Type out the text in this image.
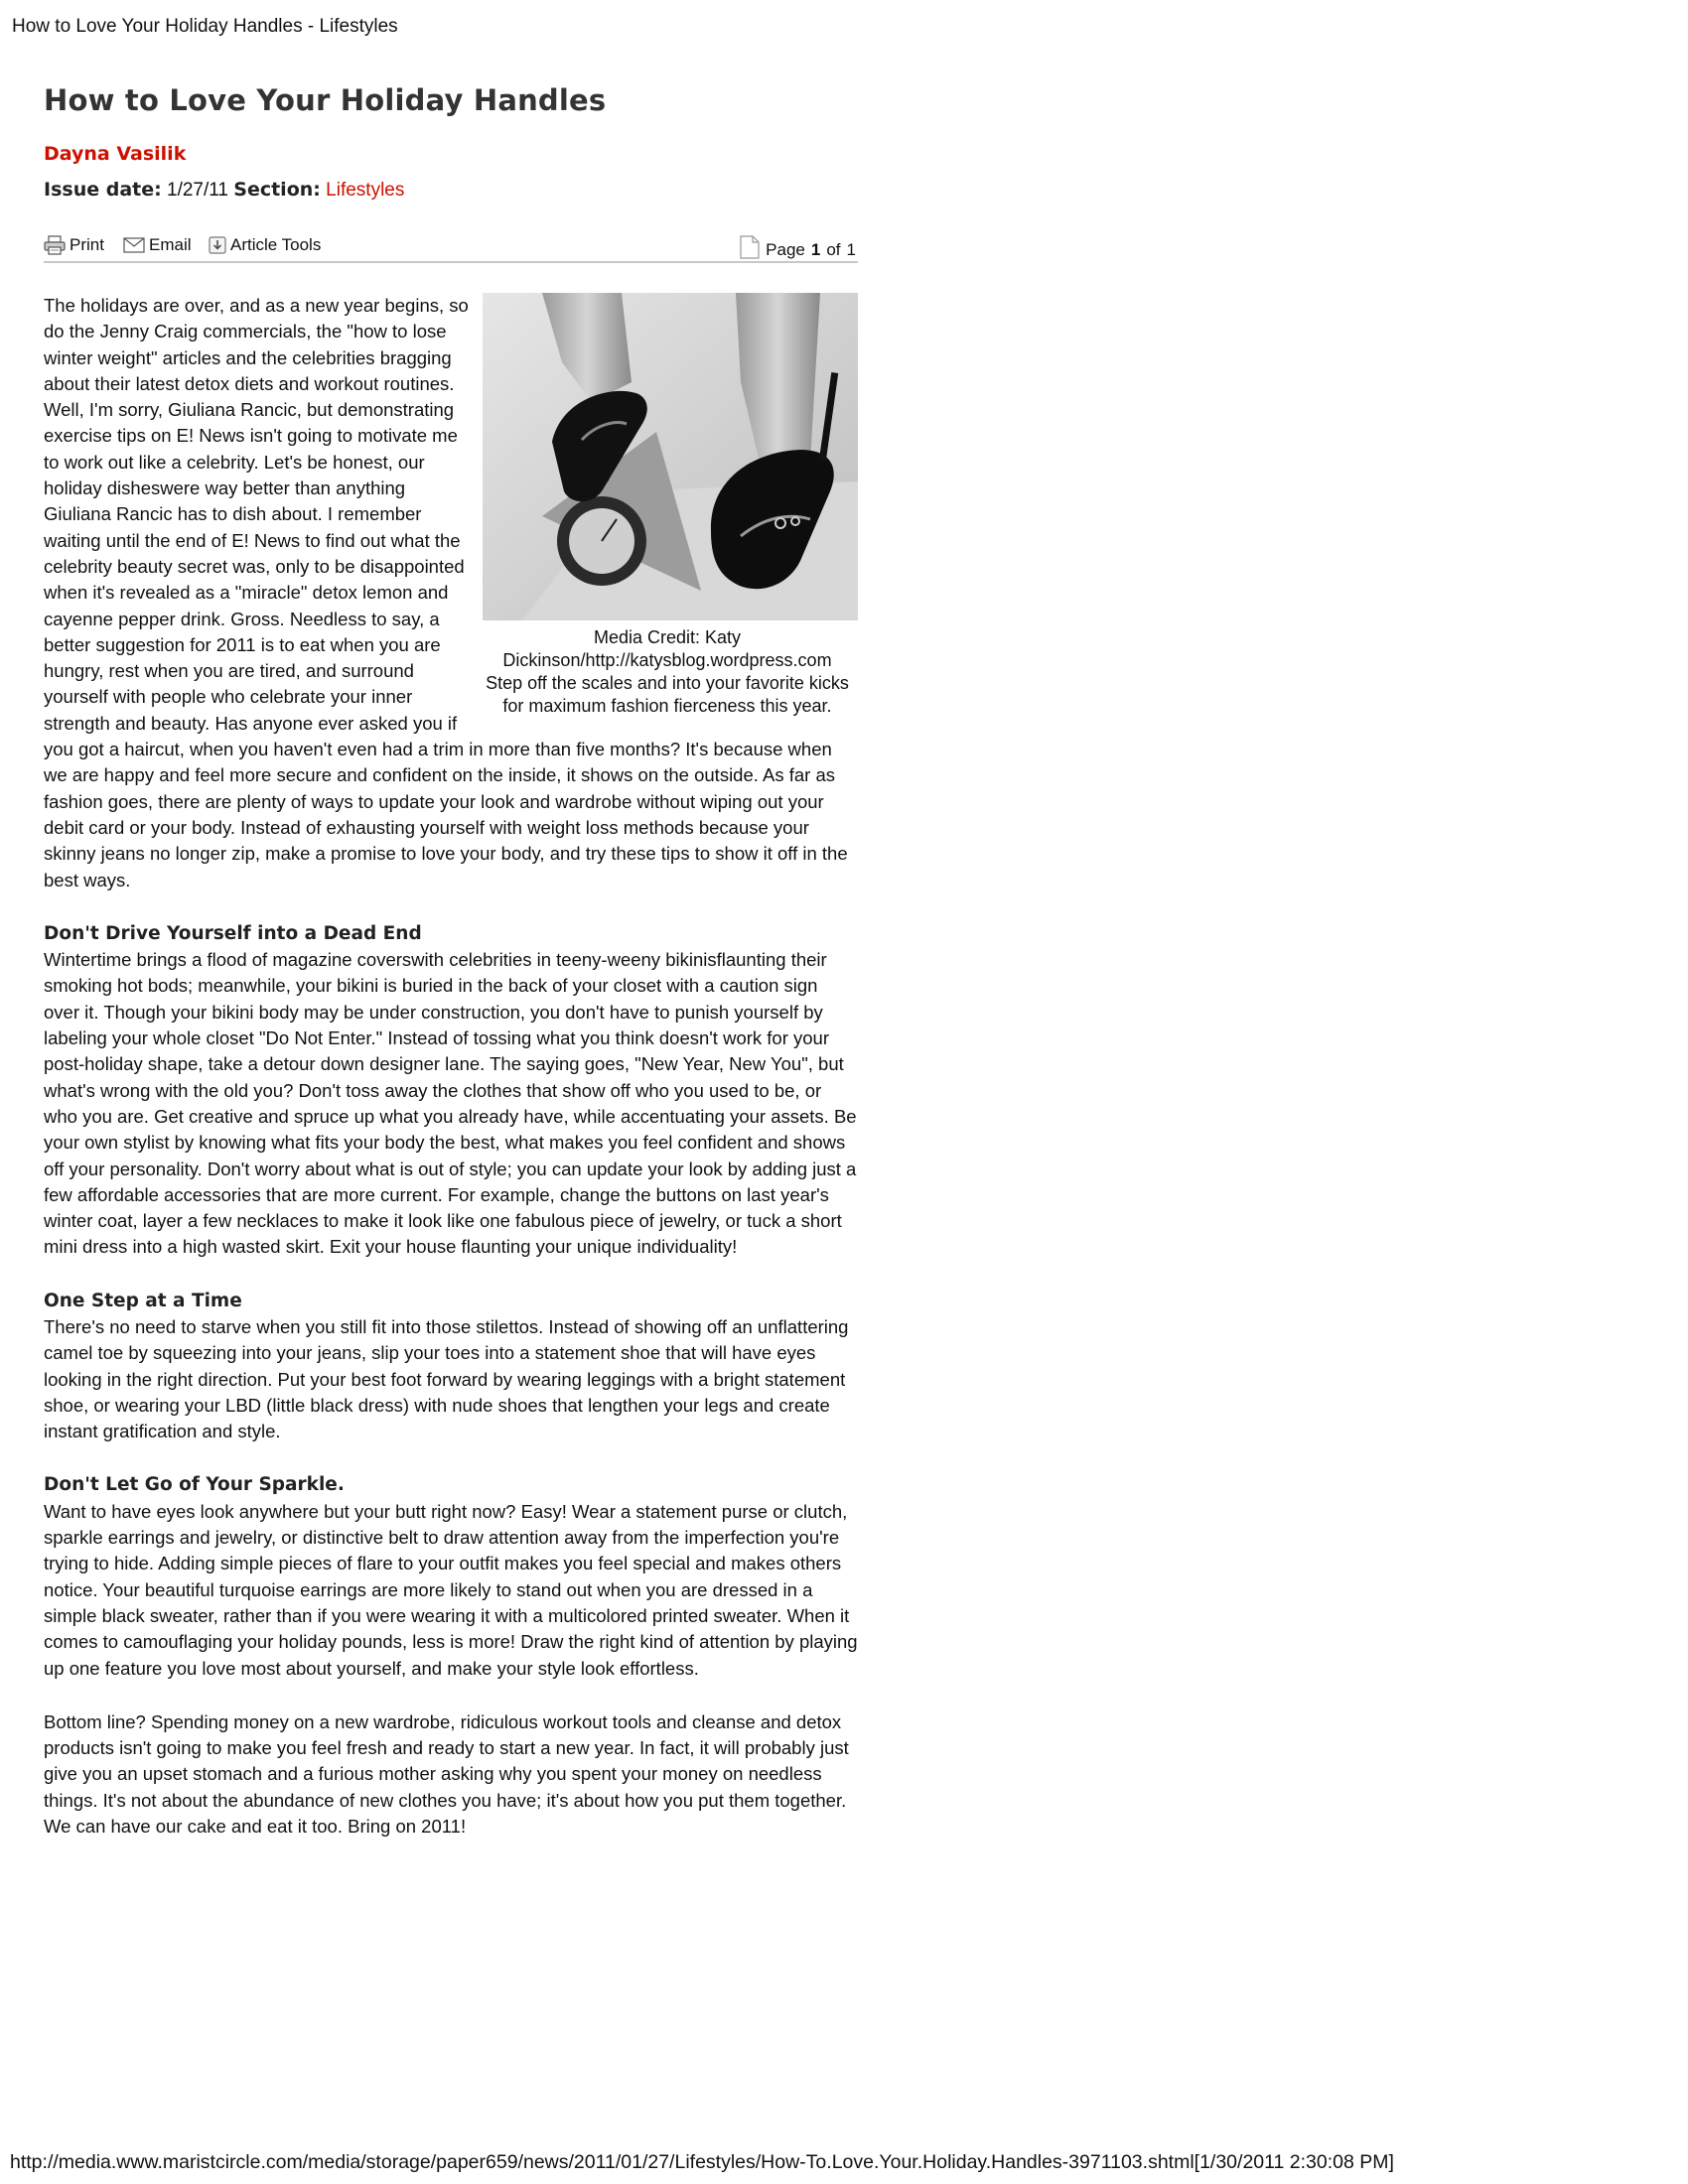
How to Love Your Holiday Handles - Lifestyles
How to Love Your Holiday Handles
Dayna Vasilik
Issue date: 1/27/11 Section: Lifestyles
Print	Email Article Tools	Page 1 of 1
Media Credit: Katy Dickinson/http://katysblog.wordpress.com
Step off the scales and into your favorite kicks for maximum fashion fierceness this year.

The holidays are over, and as a new year begins, so do the Jenny Craig commercials, the "how to lose winter weight" articles and the celebrities bragging about their latest detox diets and workout routines. Well, I'm sorry, Giuliana Rancic, but demonstrating exercise tips on E! News isn't going to motivate me to work out like a celebrity. Let's be honest, our holiday disheswere way better than anything Giuliana Rancic has to dish about. I remember waiting until the end of E! News to find out what the celebrity beauty secret was, only to be disappointed when it's revealed as a "miracle" detox lemon and cayenne pepper drink. Gross. Needless to say, a better suggestion for 2011 is to eat when you are hungry, rest when you are tired, and surround yourself with people who celebrate your inner strength and beauty. Has anyone ever asked you if you got a haircut, when you haven't even had a trim in more than five months? It's because when we are happy and feel more secure and confident on the inside, it shows on the outside. As far as fashion goes, there are plenty of ways to update your look and wardrobe without wiping out your debit card or your body. Instead of exhausting yourself with weight loss methods because your skinny jeans no longer zip, make a promise to love your body, and try these tips to show it off in the best ways.

Don't Drive Yourself into a Dead End

Wintertime brings a flood of magazine coverswith celebrities in teeny-weeny bikinisflaunting their smoking hot bods; meanwhile, your bikini is buried in the back of your closet with a caution sign over it. Though your bikini body may be under construction, you don't have to punish yourself by labeling your whole closet "Do Not Enter." Instead of tossing what you think doesn't work for your post-holiday shape, take a detour down designer lane. The saying goes, "New Year, New You", but what's wrong with the old you? Don't toss away the clothes that show off who you used to be, or who you are. Get creative and spruce up what you already have, while accentuating your assets. Be your own stylist by knowing what fits your body the best, what makes you feel confident and shows off your personality. Don't worry about what is out of style; you can update your look by adding just a few affordable accessories that are more current. For example, change the buttons on last year's winter coat, layer a few necklaces to make it look like one fabulous piece of jewelry, or tuck a short mini dress into a high wasted skirt. Exit your house flaunting your unique individuality!

One Step at a Time

There's no need to starve when you still fit into those stilettos. Instead of showing off an unflattering camel toe by squeezing into your jeans, slip your toes into a statement shoe that will have eyes looking in the right direction. Put your best foot forward by wearing leggings with a bright statement shoe, or wearing your LBD (little black dress) with nude shoes that lengthen your legs and create instant gratification and style.

Don't Let Go of Your Sparkle.

Want to have eyes look anywhere but your butt right now? Easy! Wear a statement purse or clutch, sparkle earrings and jewelry, or distinctive belt to draw attention away from the imperfection you're trying to hide. Adding simple pieces of flare to your outfit makes you feel special and makes others notice. Your beautiful turquoise earrings are more likely to stand out when you are dressed in a simple black sweater, rather than if you were wearing it with a multicolored printed sweater. When it comes to camouflaging your holiday pounds, less is more! Draw the right kind of attention by playing up one feature you love most about yourself, and make your style look effortless.

Bottom line? Spending money on a new wardrobe, ridiculous workout tools and cleanse and detox products isn't going to make you feel fresh and ready to start a new year. In fact, it will probably just give you an upset stomach and a furious mother asking why you spent your money on needless things. It's not about the abundance of new clothes you have; it's about how you put them together. We can have our cake and eat it too. Bring on 2011!

http://media.www.maristcircle.com/media/storage/paper659/news/2011/01/27/Lifestyles/How-To.Love.Your.Holiday.Handles-3971103.shtml[1/30/2011 2:30:08 PM]
